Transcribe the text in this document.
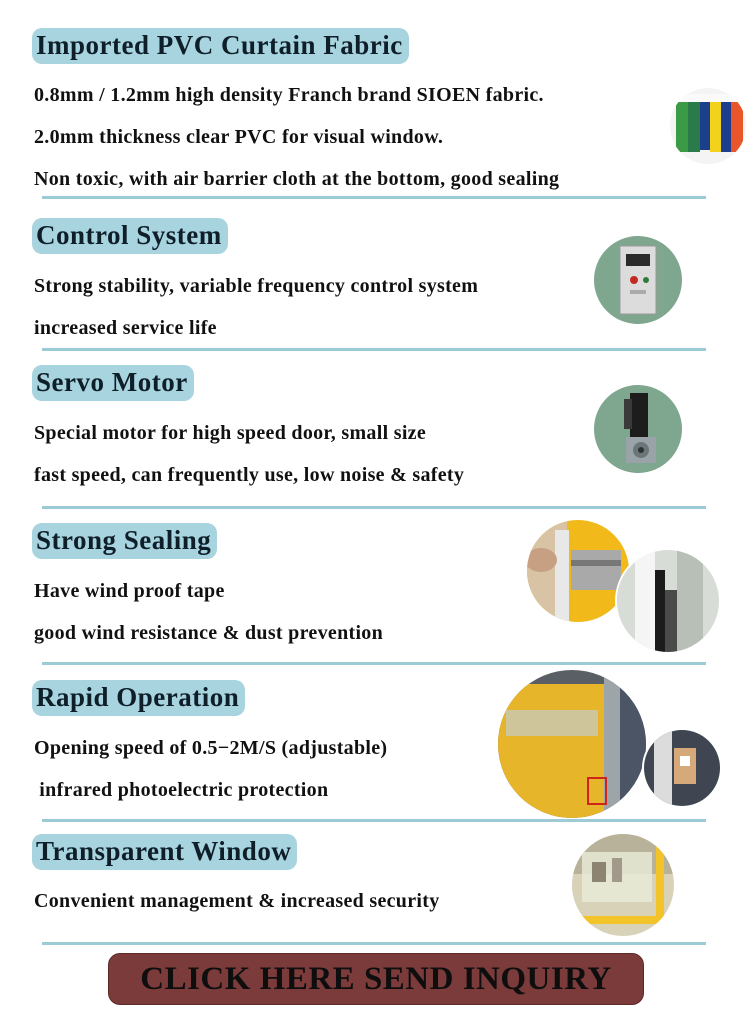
Imported PVC Curtain Fabric
0.8mm / 1.2mm high density Franch brand SIOEN fabric.
2.0mm thickness clear PVC for visual window.
Non toxic, with air barrier cloth at the bottom, good sealing
Control System
Strong stability, variable frequency control system
increased service life
Servo Motor
Special motor for high speed door, small size
fast speed, can frequently use, low noise & safety
Strong Sealing
Have wind proof tape
good wind resistance & dust prevention
Rapid Operation
Opening speed of 0.5−2M/S (adjustable)
infrared photoelectric protection
Transparent Window
Convenient management & increased security
CLICK HERE SEND INQUIRY
